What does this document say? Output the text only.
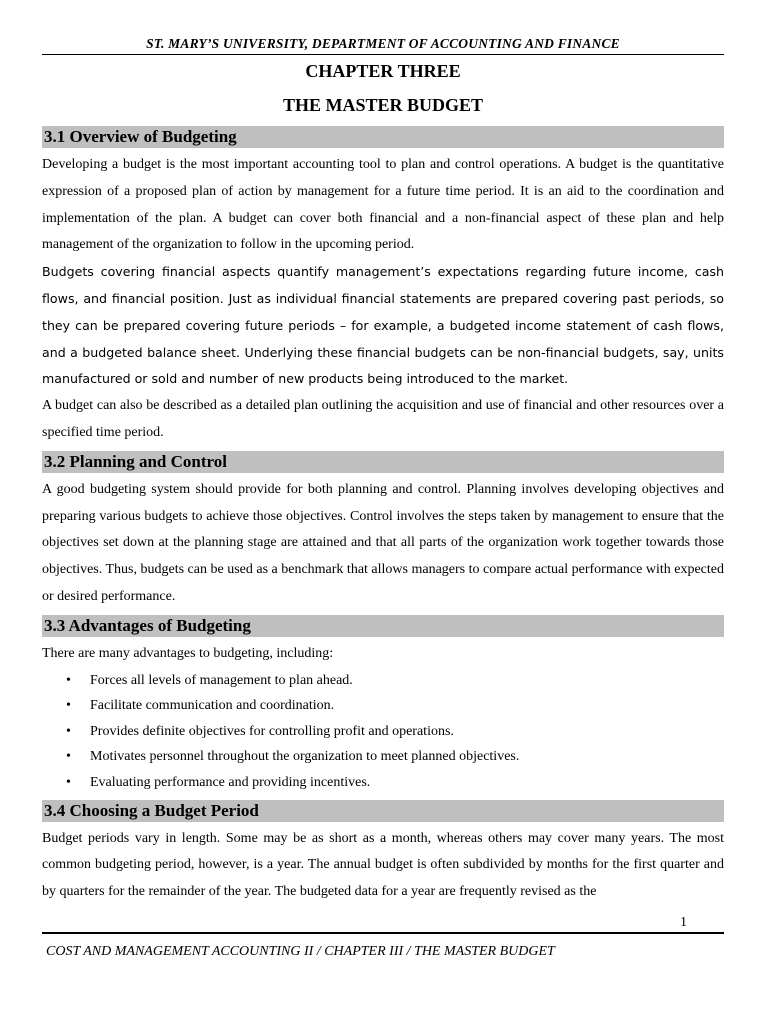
ST. MARY’S UNIVERSITY, DEPARTMENT OF ACCOUNTING AND FINANCE
CHAPTER THREE
THE MASTER BUDGET
3.1 Overview of Budgeting

Developing a budget is the most important accounting tool to plan and control operations. A budget is the quantitative expression of a proposed plan of action by management for a future time period. It is an aid to the coordination and implementation of the plan. A budget can cover both financial and a non-financial aspect of these plan and help management of the organization to follow in the upcoming period.

Budgets covering financial aspects quantify management’s expectations regarding future income, cash flows, and financial position. Just as individual financial statements are prepared covering past periods, so they can be prepared covering future periods – for example, a budgeted income statement of cash flows, and a budgeted balance sheet. Underlying these financial budgets can be non-financial budgets, say, units manufactured or sold and number of new products being introduced to the market.

A budget can also be described as a detailed plan outlining the acquisition and use of financial and other resources over a specified time period.

3.2 Planning and Control

A good budgeting system should provide for both planning and control. Planning involves developing objectives and preparing various budgets to achieve those objectives. Control involves the steps taken by management to ensure that the objectives set down at the planning stage are attained and that all parts of the organization work together towards those objectives. Thus, budgets can be used as a benchmark that allows managers to compare actual performance with expected or desired performance.

3.3 Advantages of Budgeting

There are many advantages to budgeting, including:

• Forces all levels of management to plan ahead.
• Facilitate communication and coordination.
• Provides definite objectives for controlling profit and operations.
• Motivates personnel throughout the organization to meet planned objectives.
• Evaluating performance and providing incentives.
3.4 Choosing a Budget Period

Budget periods vary in length. Some may be as short as a month, whereas others may cover many years. The most common budgeting period, however, is a year. The annual budget is often subdivided by months for the first quarter and by quarters for the remainder of the year. The budgeted data for a year are frequently revised as the

1
COST AND MANAGEMENT ACCOUNTING II / CHAPTER III / THE MASTER BUDGET
